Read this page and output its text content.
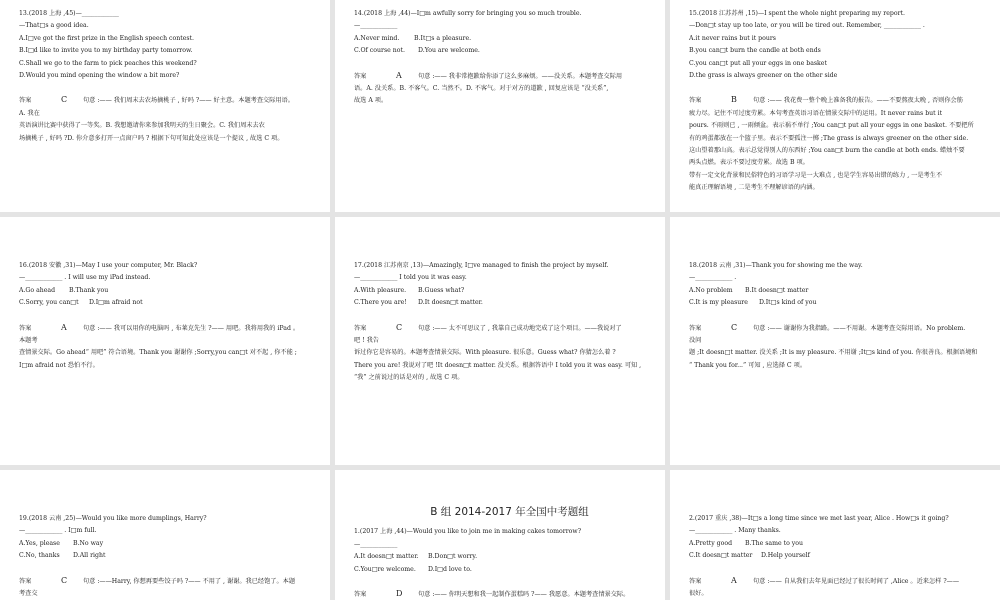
13.(2018 上海 ,45)—____________

—That□s a good idea.

A.I□ve got the first prize in the English speech contest.

B.I□d like to invite you to my birthday party tomorrow.

C.Shall we go to the farm to pick peaches this weekend?

D.Would you mind opening the window a bit more?

答案	C	句意 :—— 我们周末去农场摘桃子 , 好吗 ?—— 好主意。本题考查交际用语。

A. 我在

英语演讲比赛中获得了一等奖。B. 我想邀请你来参加我明天的生日聚会。C. 我们周末去农

场摘桃子 , 好吗 ?D. 你介意多打开一点窗户吗 ? 根据下句可知此处应该是一个提议 , 故选 C 项。

14.(2018 上海 ,44)—I□m awfully sorry for bringing you so much trouble.

—____________

A.Never mind. B.It□s a pleasure.

C.Of course not. D.You are welcome.

答案	A	句意 :—— 我非常抱歉给你添了这么多麻烦。——没关系。本题考查交际用

语。A. 没关系。B. 不客气。C. 当然不。D. 不客气。对于对方的道歉 , 回复应该是 “没关系”,

故选 A 项。

15.(2018 江苏苏州 ,15)—I spent the whole night preparing my report.

—Don□t stay up too late, or you will be tired out. Remember, ____________ .

A.it never rains but it pours

B.you can□t burn the candle at both ends

C.you can□t put all your eggs in one basket

D.the grass is always greener on the other side

答案	B	句意 :—— 我花费一整个晚上准备我的报告。——不要熬夜太晚 , 否则你会筋

疲力尽。记住不可过度劳累。本句考查英语习语在情景交际中的运用。It never rains but it

pours. 不雨则已 , 一雨倾盆。表示祸不单行 ;You can□t put all your eggs in one basket. 不要把所

有的鸡蛋都放在一个篮子里。表示不要孤注一掷 ;The grass is always greener on the other side.

这山望着那山高。表示总觉得别人的东西好 ;You can□t burn the candle at both ends. 蜡烛不要

两头点燃。表示不要过度劳累。故选 B 项。

带有一定文化背景和民俗特色的习语学习是一大难点 , 也是学生容易出错的练力 , 一是考生不

能真正理解语境 , 二是考生不理解谚语的内涵。

16.(2018 安徽 ,31)—May I use your computer, Mr. Black?

—____________ . I will use my iPad instead.

A.Go ahead B.Thank you

C.Sorry, you can□t D.I□m afraid not

答案	A	句意 :—— 我可以用你的电脑吗 , 布莱克先生 ?—— 用吧。我将用我的 iPad 。

本题考

查情景交际。Go ahead“ 用吧” 符合语境。Thank you 谢谢你 ;Sorry,you can□t 对不起 , 你不能 ;

I□m afraid not 恐怕不行。

17.(2018 江苏南京 ,13)—Amazingly, I□ve managed to finish the project by myself.

—____________ I told you it was easy.

A.With pleasure. B.Guess what?

C.There you are! D.It doesn□t matter.

答案	C	句意 :—— 太不可思议了 , 我靠自己成功地完成了这个项目。——我说对了

吧 ! 我告

诉过你它是容易的。本题考查情景交际。With pleasure. 很乐意。Guess what? 你猜怎么着 ?

There you are! 我说对了吧 !It doesn□t matter. 没关系。根据答语中 I told you it was easy. 可知 ,

“我” 之前说过的话是对的 , 故选 C 项。

18.(2018 云南 ,31)—Thank you for showing me the way.

—____________ .

A.No problem B.It doesn□t matter

C.It is my pleasure D.It□s kind of you

答案	C	句意 :—— 谢谢你为我指路。——不用谢。本题考查交际用语。No problem.

没问

题 ;It doesn□t matter. 没关系 ;It is my pleasure. 不用谢 ;It□s kind of you. 你很善良。根据语境和

“ Thank you for...” 可知 , 应选择 C 项。

19.(2018 云南 ,25)—Would you like more dumplings, Harry?

—____________ . I□m full.

A.Yes, please B.No way

C.No, thanks D.All right

答案	C	句意 :——Harry, 你想再要些饺子吗 ?—— 不用了 , 谢谢。我已经饱了。本题

考查交

B 组 2014-2017 年全国中考题组

1.(2017 上海 ,44)—Would you like to join me in making cakes tomorrow?

—____________

A.It doesn□t matter. B.Don□t worry.

C.You□re welcome. D.I□d love to.

答案	D	句意 :—— 你明天想和我一起制作蛋糕吗 ?—— 我愿意。本题考查情景交际。

2.(2017 重庆 ,38)—It□s a long time since we met last year, Alice . How□s it going?

—____________ . Many thanks.

A.Pretty good B.The same to you

C.It doesn□t matter D.Help yourself

答案	A	句意 :—— 自从我们去年见面已经过了很长时间了 ,Alice 。近来怎样 ?——

很好。
